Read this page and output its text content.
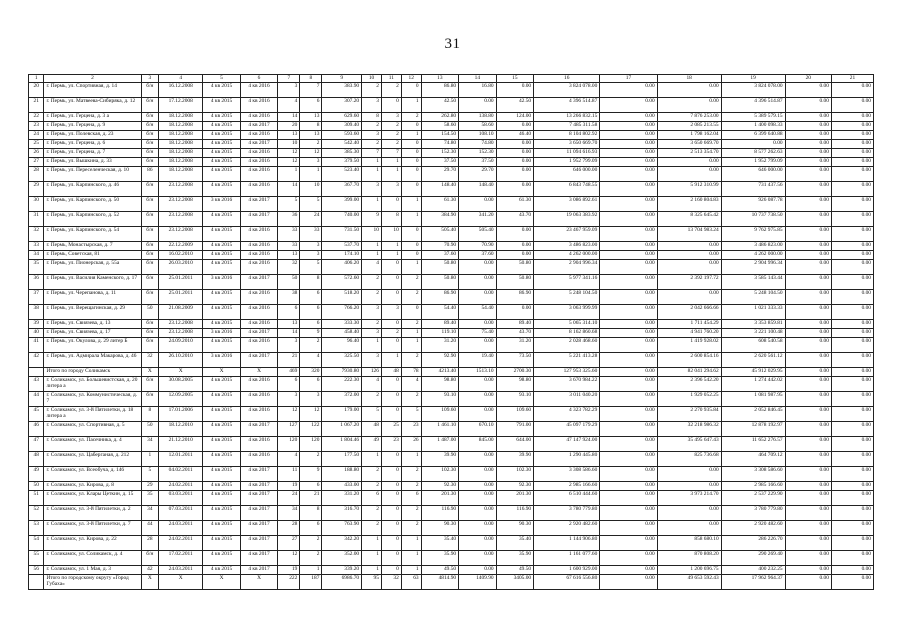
31
1	2	3	4	5	6	7	8	9	10	11	12	13	14	15	16	17	18	19	20	21
20	г. Пермь, ул. Спортивная, д. 14	б/н	16.12.2008	4 кв 2015	4 кв 2016	3	7	383.90	2	2	0	86.80	16.80	0.00	3 824 078.00	0.00	0.00	3 824 078.00	0.00	0.00
21	г. Пермь, ул. Матвеева-Сибиряка, д. 12	б/н	17.12.2008	4 кв 2015	4 кв 2016	4	6	307.20	3	0	1	42.50	0.00	42.50	4 396 514.87	0.00	0.00	4 396 514.87	0.00	0.00
22	г. Пермь, ул. Герцена, д. 3 а	б/н	18.12.2008	4 кв 2015	4 кв 2016	14	13	629.60	8	3	2	262.80	138.80	124.00	13 266 832.15	0.00	7 876 253.00	5 389 579.15	0.00	0.00
23	г. Пермь, ул. Герцена, д. 9	б/н	18.12.2008	4 кв 2015	4 кв 2017	20	8	309.40	2	2	0	58.60	58.60	0.00	7 485 311.58	0.00	2 085 213.55	1 400 098.33	0.00	0.00
24	г. Пермь, ул. Полевская, д. 23	б/н	18.12.2008	4 кв 2015	4 кв 2016	13	13	593.60	3	2	1	154.50	108.10	46.40	8 104 802.92	0.00	1 798 162.04	6 399 640.88	0.00	0.00
25	г. Пермь, ул. Герцена, д. 6	б/н	18.12.2008	4 кв 2015	4 кв 2017	10	2	542.40	2	2	0	74.80	74.80	0.00	3 650 669.70	0.00	3 650 669.70	0.00	0.00	0.00
26	г. Пермь, ул. Герцена, д. 7	б/н	18.12.2008	4 кв 2015	4 кв 2016	12	12	385.30	7	7	0	152.30	152.30	0.00	11 094 616.93	0.00	2 513 354.70	8 577 262.63	0.00	0.00
27	г. Пермь, ул. Вышкина, д. 33	б/н	18.12.2008	4 кв 2015	4 кв 2016	12	3	379.50	1	1	0	37.50	37.50	0.00	1 952 799.09	0.00	0.00	1 952 799.09	0.00	0.00
28	г. Пермь, ул. Переселенческая, д. 10	86	18.12.2008	4 кв 2015	4 кв 2016	1	1	523.40	1	1	0	29.70	29.70	0.00	646 000.00	0.00	0.00	646 000.00	0.00	0.00
29	г. Пермь, ул. Карпинского, д. 46	б/н	23.12.2008	4 кв 2015	4 кв 2016	14	10	367.70	3	3	0	148.40	148.40	0.00	6 843 748.55	0.00	5 912 310.99	731 437.56	0.00	0.00
30	г. Пермь, ул. Карпинского, д. 50	б/н	23.12.2008	3 кв 2016	4 кв 2017	5	5	399.00	1	0	1	61.30	0.00	61.30	3 086 892.61	0.00	2 160 804.83	926 087.78	0.00	0.00
31	г. Пермь, ул. Карпинского, д. 52	б/н	23.12.2008	4 кв 2015	4 кв 2017	36	24	740.00	9	8	1	384.90	341.20	43.70	19 063 383.92	0.00	8 325 645.42	10 737 738.50	0.00	0.00
32	г. Пермь, ул. Карпинского, д. 54	б/н	23.12.2008	4 кв 2015	4 кв 2016	33	33	731.50	10	10	0	505.40	505.40	0.00	23 467 959.09	0.00	13 704 983.24	9 762 975.85	0.00	0.00
33	г. Пермь, Монастырская, д. 7	б/н	22.12.2009	4 кв 2015	4 кв 2016	33	3	537.70	1	1	0	70.90	70.90	0.00	3 486 823.00	0.00	0.00	3 486 823.00	0.00	0.00
34	г. Пермь, Советская, 81	б/н	16.02.2010	4 кв 2015	4 кв 2016	13	3	174.10	1	1	0	37.60	37.60	0.00	4 262 000.00	0.00	0.00	4 262 000.00	0.00	0.00
35	г. Пермь, ул. Пионерская, д. 55а	б/н	26.03.2010	4 кв 2015	4 кв 2016	32	5	406.20	4	0	1	50.80	0.00	50.80	2 904 996.34	0.00	0.00	2 904 996.34	0.00	0.00
36	г. Пермь, ул. Василия Каменского, д. 17	б/н	25.01.2011	3 кв 2016	4 кв 2017	50	8	572.60	2	0	2	50.80	0.00	50.80	5 977 341.16	0.00	2 392 197.72	3 585 143.44	0.00	0.00
37	г. Пермь, ул. Черепанова, д. 11	б/н	25.01.2011	4 кв 2015	4 кв 2016	38	6	518.20	2	0	2	86.90	0.00	86.90	5 248 104.50	0.00	0.00	5 248 104.50	0.00	0.00
38	г. Пермь, ул. Верещагинская, д. 29	50	21.08.2009	4 кв 2015	4 кв 2016	6	6	766.20	3	3	0	54.40	54.40	0.00	3 063 999.99	0.00	2 042 666.66	1 021 333.33	0.00	0.00
39	г. Пермь, ул. Свиязева, д. 13	б/н	23.12.2008	4 кв 2015	4 кв 2016	13	6	333.30	2	0	2	89.40	0.00	89.40	5 065 314.10	0.00	1 711 454.29	3 353 859.81	0.00	0.00
40	г. Пермь, ул. Свиязева, д. 17	б/н	23.12.2008	3 кв 2016	4 кв 2017	14	9	458.40	3	2	1	119.10	75.40	43.70	8 162 860.68	0.00	4 941 760.20	3 221 100.48	0.00	0.00
41	г. Пермь, ул. Окулова, д. 29 литер Б	б/н	24.09.2010	4 кв 2015	4 кв 2016	3	2	96.40	1	0	1	31.20	0.00	31.20	2 028 468.60	0.00	1 419 928.02	608 540.58	0.00	0.00
42	г. Пермь, ул. Адмирала Макарова, д. 46	32	26.10.2010	3 кв 2016	4 кв 2017	21	4	325.50	3	1	2	92.90	19.40	73.50	5 221 413.28	0.00	2 600 854.16	2 620 561.12	0.00	0.00
	Итого по городу Соликамск	X	X	X	X	469	320	7930.80	126	48	78	4213.40	1513.10	2700.30	127 953 325.60	0.00	82 041 294.62	45 912 029.95	0.00	0.00
43	г. Соликамск, ул. Большевистская, д. 20 литера а	б/н	30.08.2005	4 кв 2015	4 кв 2016	6	6	222.30	4	0	4	98.80	0.00	98.80	3 670 984.22	0.00	2 396 542.20	1 274 442.02	0.00	0.00
44	г. Соликамск, ул. Коммунистическая, д. 7	б/н	12.09.2005	4 кв 2015	4 кв 2016	3	3	372.00	2	0	2	93.10	0.00	93.10	3 011 040.20	0.00	1 929 052.25	1 081 987.95	0.00	0.00
45	г. Соликамск, ул. 3-й Пятилетки, д. 18 литера а	8	17.01.2006	4 кв 2015	4 кв 2016	12	12	179.00	5	0	5	109.60	0.00	109.60	4 323 782.29	0.00	2 270 935.84	2 052 846.45	0.00	0.00
46	г. Соликамск, ул. Спортивная, д. 5	50	18.12.2010	4 кв 2015	4 кв 2017	127	122	1 067.20	48	25	23	1 461.10	670.10	791.00	45 097 179.29	0.00	32 218 986.32	12 878 192.97	0.00	0.00
47	г. Соликамск, ул. Пасечника, д. 4	34	21.12.2010	4 кв 2015	4 кв 2016	120	120	1 804.46	49	23	26	1 487.00	845.00	644.00	47 147 924.00	0.00	35 495 647.43	11 652 276.57	0.00	0.00
48	г. Соликамск, ул. Цаберганая, д. 212	1	12.01.2011	4 кв 2015	4 кв 2016	4	2	177.50	1	0	1	39.90	0.00	39.90	1 290 445.80	0.00	825 736.68	464 709.12	0.00	0.00
49	г. Соликамск, ул. Всеобуча, д. 146	5	04.02.2011	4 кв 2015	4 кв 2017	11	9	188.80	2	0	2	102.30	0.00	102.30	3 308 586.60	0.00	0.00	3 308 586.60	0.00	0.00
50	г. Соликамск, ул. Кирова, д. 8	29	24.02.2011	4 кв 2015	4 кв 2017	19	6	433.00	2	0	2	92.30	0.00	92.30	2 985 166.60	0.00	0.00	2 985 166.60	0.00	0.00
51	г. Соликамск, ул. Клары Цеткин, д. 15	35	03.03.2011	4 кв 2015	4 кв 2017	24	21	331.20	6	0	6	201.30	0.00	201.30	6 510 444.60	0.00	3 973 214.70	2 537 229.90	0.00	0.00
52	г. Соликамск, ул. 3-й Пятилетки, д. 2	34	07.03.2011	4 кв 2015	4 кв 2017	34	8	316.70	2	0	2	116.90	0.00	116.90	3 780 779.80	0.00	0.00	3 780 779.80	0.00	0.00
53	г. Соликамск, ул. 3-й Пятилетки, д. 7	44	24.03.2011	4 кв 2015	4 кв 2017	28	6	763.90	2	0	2	90.30	0.00	90.30	2 920 482.60	0.00	0.00	2 920 482.60	0.00	0.00
54	г. Соликамск, ул. Кирова, д. 22	28	24.02.2011	4 кв 2015	4 кв 2017	27	2	342.20	1	0	1	35.40	0.00	35.40	1 144 906.80	0.00	858 680.10	286 226.70	0.00	0.00
55	г. Соликамск, ул. Соликамск, д. 4	б/н	17.02.2011	4 кв 2015	4 кв 2017	12	2	352.00	1	0	1	35.90	0.00	35.90	1 161 077.60	0.00	870 808.20	290 269.40	0.00	0.00
56	г. Соликамск, ул. 1 Мая, д. 3	42	24.03.2011	4 кв 2015	4 кв 2017	19	1	339.20	1	0	1	49.50	0.00	49.50	1 600 929.00	0.00	1 200 696.75	400 232.25	0.00	0.00
	Итого по городскому округу «Город Губаха»	X	X	X	X	222	187	6986.70	95	32	63	4814.90	1409.90	3405.00	67 616 556.80	0.00	49 653 592.43	17 962 964.37	0.00	0.00
